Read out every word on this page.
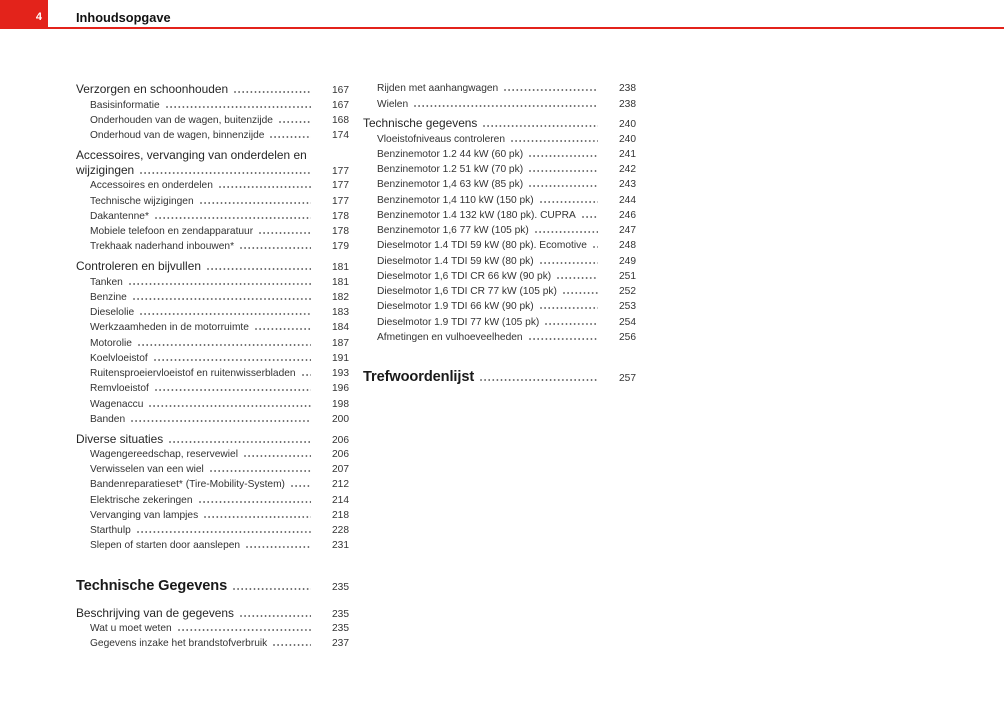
4	Inhoudsopgave
Verzorgen en schoonhouden	167
Basisinformatie	167
Onderhouden van de wagen, buitenzijde	168
Onderhoud van de wagen, binnenzijde	174
Accessoires, vervanging van onderdelen en
wijzigingen	177
Accessoires en onderdelen	177
Technische wijzigingen	177
Dakantenne*	178
Mobiele telefoon en zendapparatuur	178
Trekhaak naderhand inbouwen*	179
Controleren en bijvullen	181
Tanken	181
Benzine	182
Dieselolie	183
Werkzaamheden in de motorruimte	184
Motorolie	187
Koelvloeistof	191
Ruitensproeiervloeistof en ruitenwisserbladen	193
Remvloeistof	196
Wagenaccu	198
Banden	200
Diverse situaties	206
Wagengereedschap, reservewiel	206
Verwisselen van een wiel	207
Bandenreparatieset* (Tire-Mobility-System)	212
Elektrische zekeringen	214
Vervanging van lampjes	218
Starthulp	228
Slepen of starten door aanslepen	231
Technische Gegevens	235
Beschrijving van de gegevens	235
Wat u moet weten	235
Gegevens inzake het brandstofverbruik	237
Rijden met aanhangwagen	238
Wielen	238
Technische gegevens	240
Vloeistofniveaus controleren	240
Benzinemotor 1.2 44 kW (60 pk)	241
Benzinemotor 1.2 51 kW (70 pk)	242
Benzinemotor 1,4 63 kW (85 pk)	243
Benzinemotor 1,4 110 kW (150 pk)	244
Benzinemotor 1.4 132 kW (180 pk). CUPRA	246
Benzinemotor 1,6 77 kW (105 pk)	247
Dieselmotor 1.4 TDI 59 kW (80 pk). Ecomotive	248
Dieselmotor 1.4 TDI 59 kW (80 pk)	249
Dieselmotor 1,6 TDI CR 66 kW (90 pk)	251
Dieselmotor 1,6 TDI CR 77 kW (105 pk)	252
Dieselmotor 1.9 TDI 66 kW (90 pk)	253
Dieselmotor 1.9 TDI 77 kW (105 pk)	254
Afmetingen en vulhoeveelheden	256
Trefwoordenlijst	257
